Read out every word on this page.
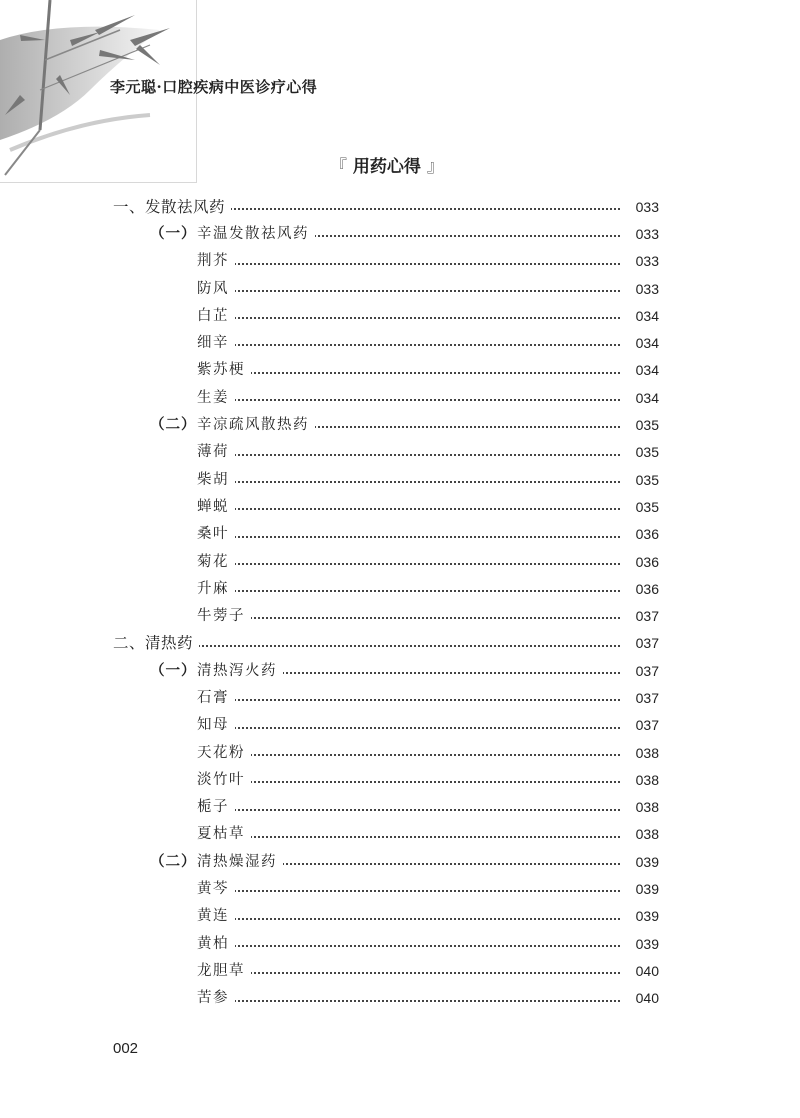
李元聪·口腔疾病中医诊疗心得
『 用药心得 』
一、发散祛风药	033
（一） 辛温发散祛风药	033
荆芥	033
防风	033
白芷	034
细辛	034
紫苏梗	034
生姜	034
（二） 辛凉疏风散热药	035
薄荷	035
柴胡	035
蝉蜕	035
桑叶	036
菊花	036
升麻	036
牛蒡子	037
二、清热药	037
（一） 清热泻火药	037
石膏	037
知母	037
天花粉	038
淡竹叶	038
栀子	038
夏枯草	038
（二） 清热燥湿药	039
黄芩	039
黄连	039
黄柏	039
龙胆草	040
苦参	040
002
